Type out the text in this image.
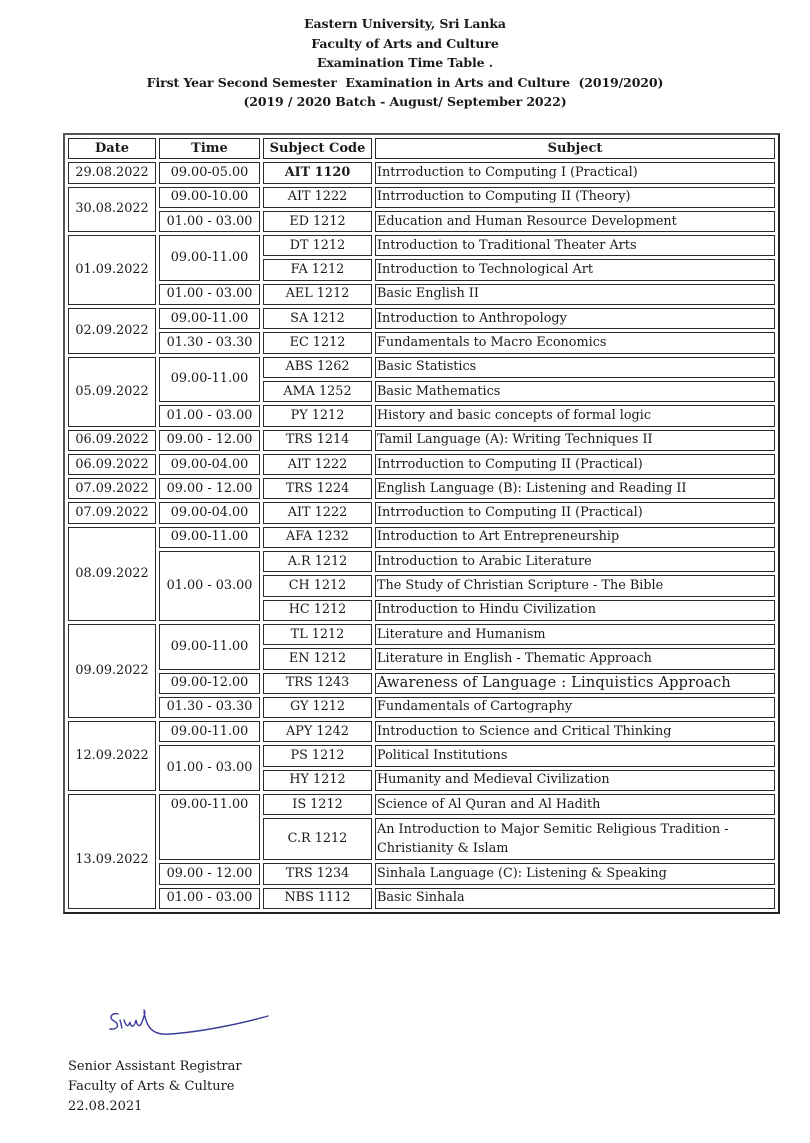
Eastern University, Sri Lanka
Faculty of Arts and Culture
Examination Time Table .
First Year Second Semester  Examination in Arts and Culture  (2019/2020)
(2019 / 2020 Batch - August/ September 2022)
Date	Time	Subject Code	Subject
29.08.2022	09.00-05.00	AIT 1120	Intrroduction to Computing I (Practical)
30.08.2022	09.00-10.00	AIT 1222	Intrroduction to Computing II (Theory)
	01.00 - 03.00	ED 1212	Education and Human Resource Development
01.09.2022	09.00-11.00	DT 1212	Introduction to Traditional Theater Arts
		FA 1212	Introduction to Technological Art
	01.00 - 03.00	AEL 1212	Basic English II
02.09.2022	09.00-11.00	SA 1212	Introduction to Anthropology
	01.30 - 03.30	EC 1212	Fundamentals to Macro Economics
05.09.2022	09.00-11.00	ABS 1262	Basic Statistics
		AMA 1252	Basic Mathematics
	01.00 - 03.00	PY 1212	History and basic concepts of formal logic
06.09.2022	09.00 - 12.00	TRS 1214	Tamil Language (A): Writing Techniques II
06.09.2022	09.00-04.00	AIT 1222	Intrroduction to Computing II (Practical)
07.09.2022	09.00 - 12.00	TRS 1224	English Language (B): Listening and Reading II
07.09.2022	09.00-04.00	AIT 1222	Intrroduction to Computing II (Practical)
08.09.2022	09.00-11.00	AFA 1232	Introduction to Art Entrepreneurship
	01.00 - 03.00	A.R 1212	Introduction to Arabic Literature
		CH 1212	The Study of Christian Scripture - The Bible
		HC 1212	Introduction to Hindu Civilization
09.09.2022	09.00-11.00	TL 1212	Literature and Humanism
		EN 1212	Literature in English - Thematic Approach
	09.00-12.00	TRS 1243	Awareness of Language : Linquistics Approach
	01.30 - 03.30	GY 1212	Fundamentals of Cartography
12.09.2022	09.00-11.00	APY 1242	Introduction to Science and Critical Thinking
	01.00 - 03.00	PS 1212	Political Institutions
		HY 1212	Humanity and Medieval Civilization
13.09.2022	09.00-11.00	IS 1212	Science of Al Quran and Al Hadith
		C.R 1212	An Introduction to Major Semitic Religious Tradition - Christianity & Islam
	09.00 - 12.00	TRS 1234	Sinhala Language (C): Listening & Speaking
	01.00 - 03.00	NBS 1112	Basic Sinhala
Senior Assistant Registrar
Faculty of Arts & Culture
22.08.2021
